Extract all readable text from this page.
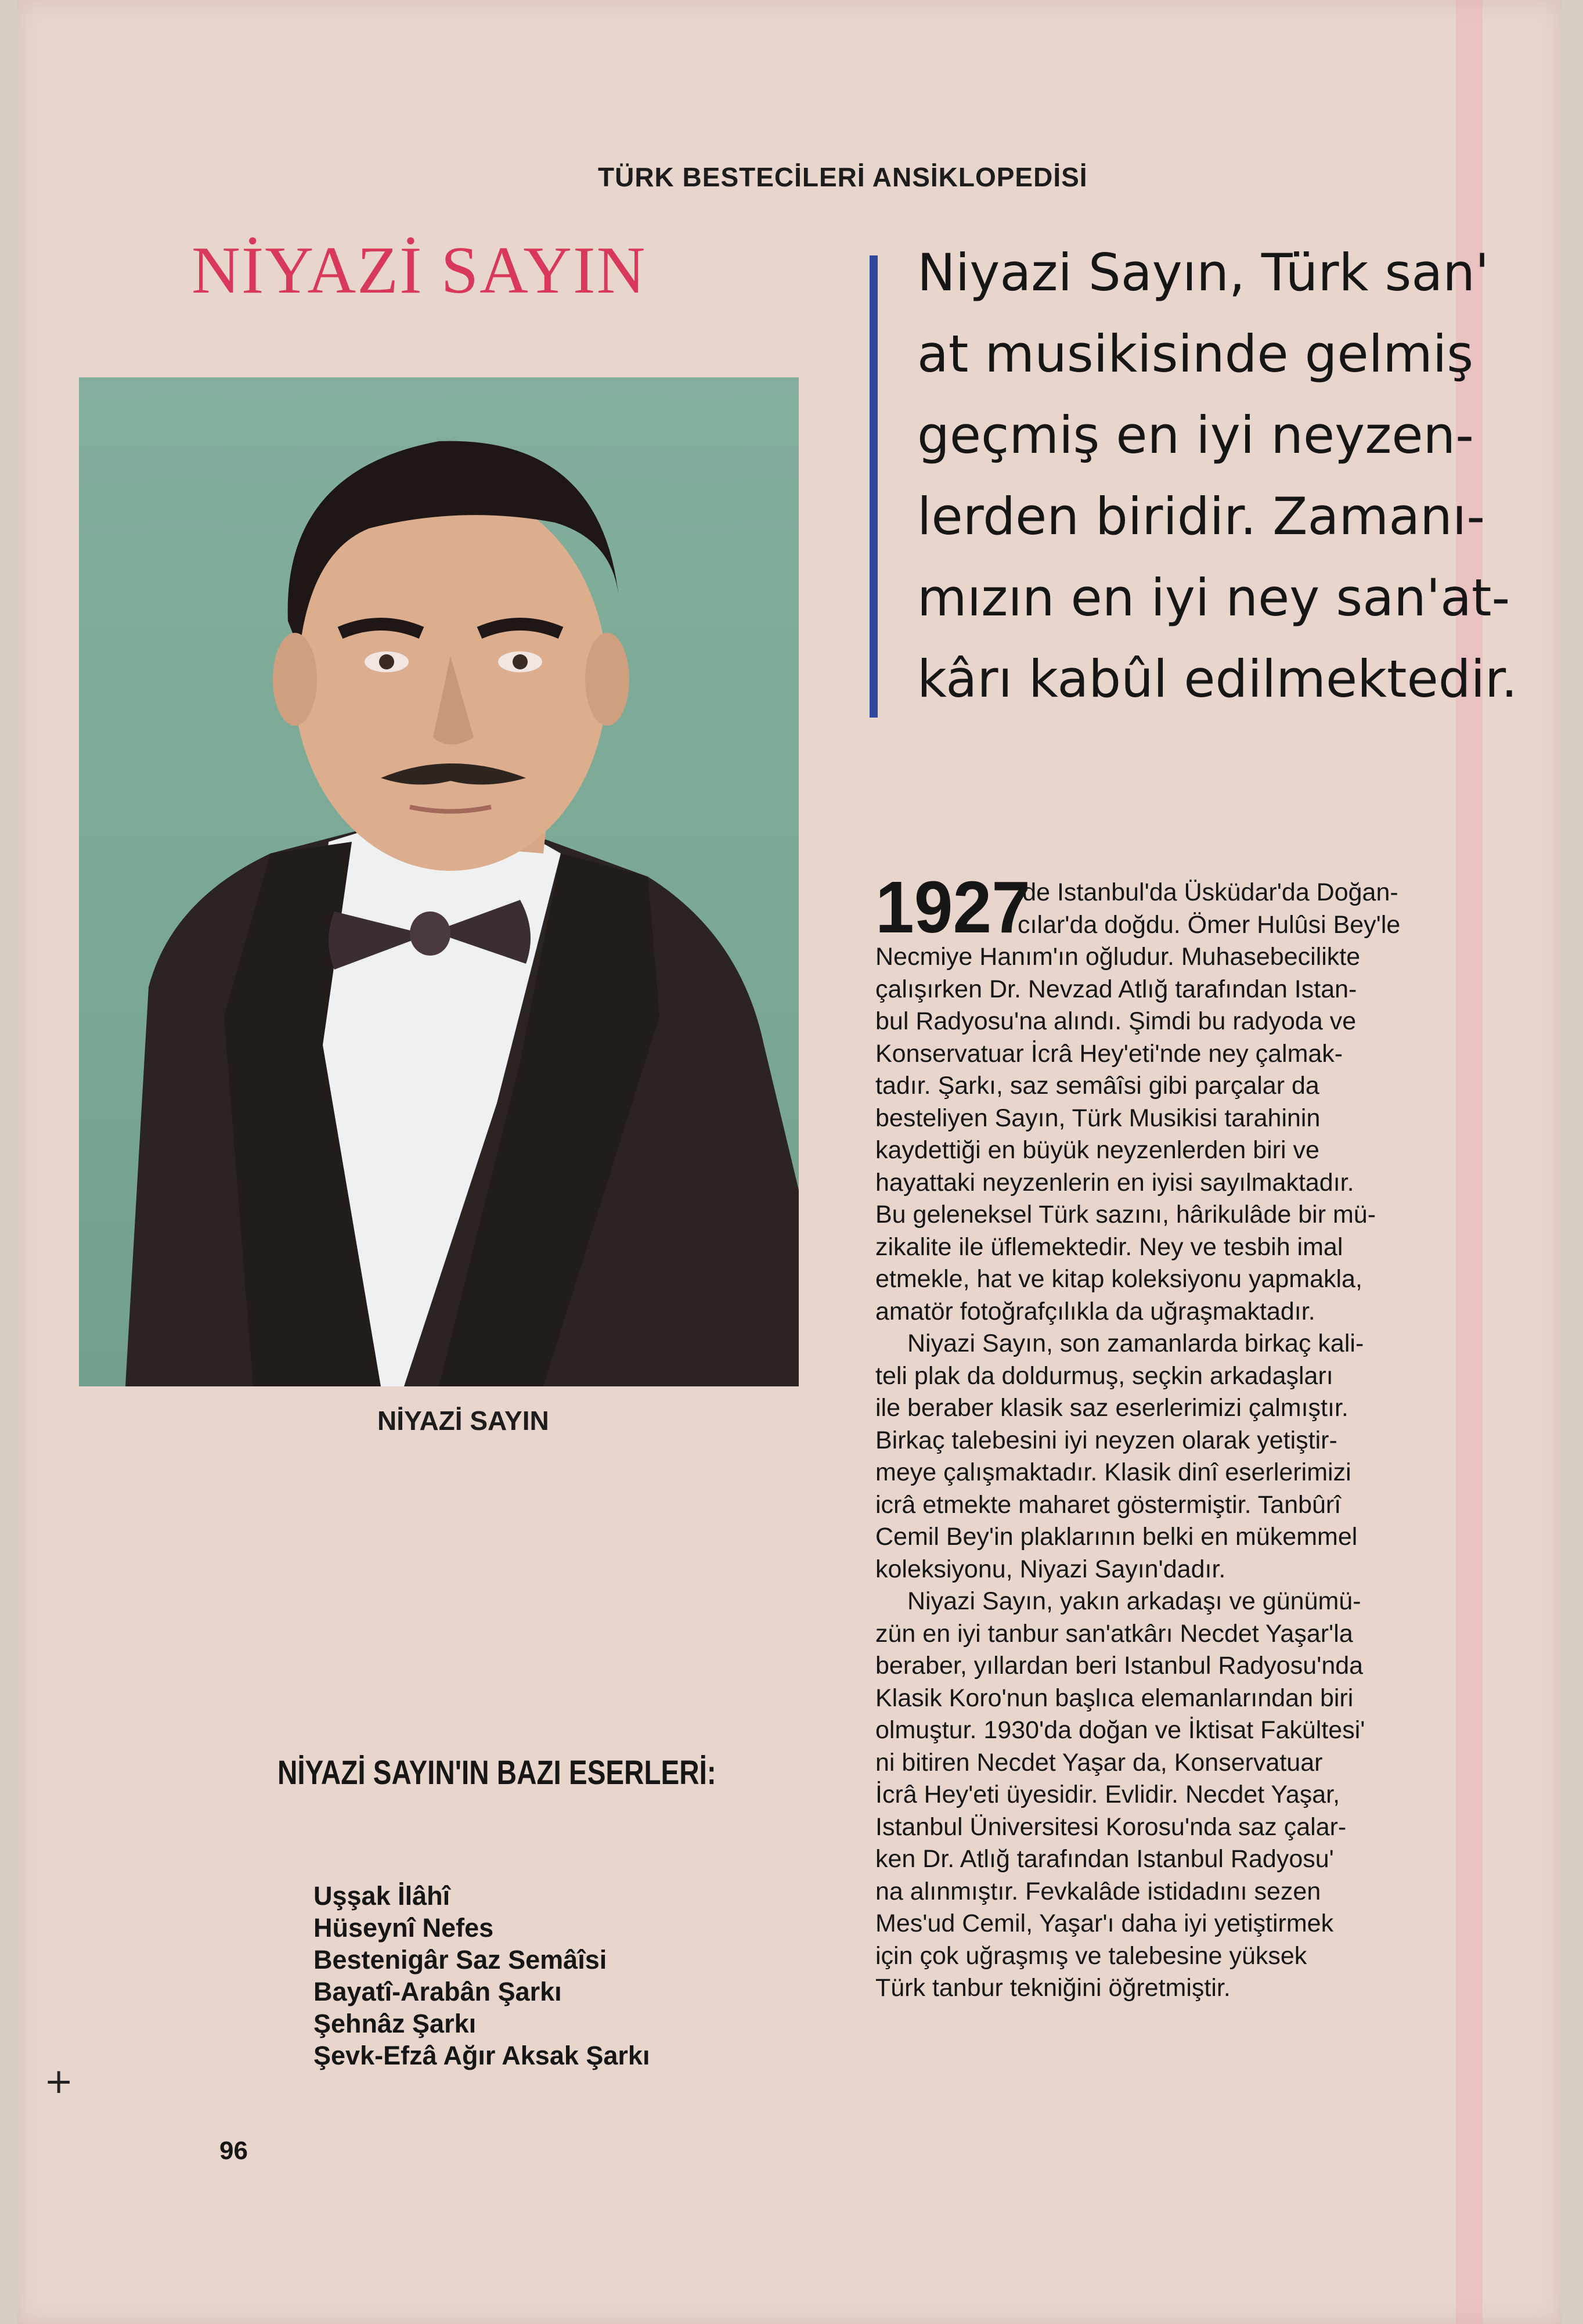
TÜRK BESTECİLERİ ANSİKLOPEDİSİ
NİYAZİ SAYIN
NİYAZİ SAYIN
Niyazi Sayın, Türk san'
at musikisinde gelmiş
geçmiş en iyi neyzen-
lerden biridir. Zamanı-
mızın en iyi ney san'at-
kârı kabûl edilmektedir.
1927
'de Istanbul'da Üsküdar'da Doğan-
cılar'da doğdu. Ömer Hulûsi Bey'le
Necmiye Hanım'ın oğludur. Muhasebecilikte
çalışırken Dr. Nevzad Atlığ tarafından Istan-
bul Radyosu'na alındı. Şimdi bu radyoda ve
Konservatuar İcrâ Hey'eti'nde ney çalmak-
tadır. Şarkı, saz semâîsi gibi parçalar da
besteliyen Sayın, Türk Musikisi tarahinin
kaydettiği en büyük neyzenlerden biri ve
hayattaki neyzenlerin en iyisi sayılmaktadır.
Bu geleneksel Türk sazını, hârikulâde bir mü-
zikalite ile üflemektedir. Ney ve tesbih imal
etmekle, hat ve kitap koleksiyonu yapmakla,
amatör fotoğrafçılıkla da uğraşmaktadır.
Niyazi Sayın, son zamanlarda birkaç kali-
teli plak da doldurmuş, seçkin arkadaşları
ile beraber klasik saz eserlerimizi çalmıştır.
Birkaç talebesini iyi neyzen olarak yetiştir-
meye çalışmaktadır. Klasik dinî eserlerimizi
icrâ etmekte maharet göstermiştir. Tanbûrî
Cemil Bey'in plaklarının belki en mükemmel
koleksiyonu, Niyazi Sayın'dadır.
Niyazi Sayın, yakın arkadaşı ve günümü-
zün en iyi tanbur san'atkârı Necdet Yaşar'la
beraber, yıllardan beri Istanbul Radyosu'nda
Klasik Koro'nun başlıca elemanlarından biri
olmuştur. 1930'da doğan ve İktisat Fakültesi'
ni bitiren Necdet Yaşar da, Konservatuar
İcrâ Hey'eti üyesidir. Evlidir. Necdet Yaşar,
Istanbul Üniversitesi Korosu'nda saz çalar-
ken Dr. Atlığ tarafından Istanbul Radyosu'
na alınmıştır. Fevkalâde istidadını sezen
Mes'ud Cemil, Yaşar'ı daha iyi yetiştirmek
için çok uğraşmış ve talebesine yüksek
Türk tanbur tekniğini öğretmiştir.
NİYAZİ SAYIN'IN BAZI ESERLERİ:
Uşşak İlâhî
Hüseynî Nefes
Bestenigâr Saz Semâîsi
Bayatî-Arabân Şarkı
Şehnâz Şarkı
Şevk-Efzâ Ağır Aksak Şarkı
+
96
